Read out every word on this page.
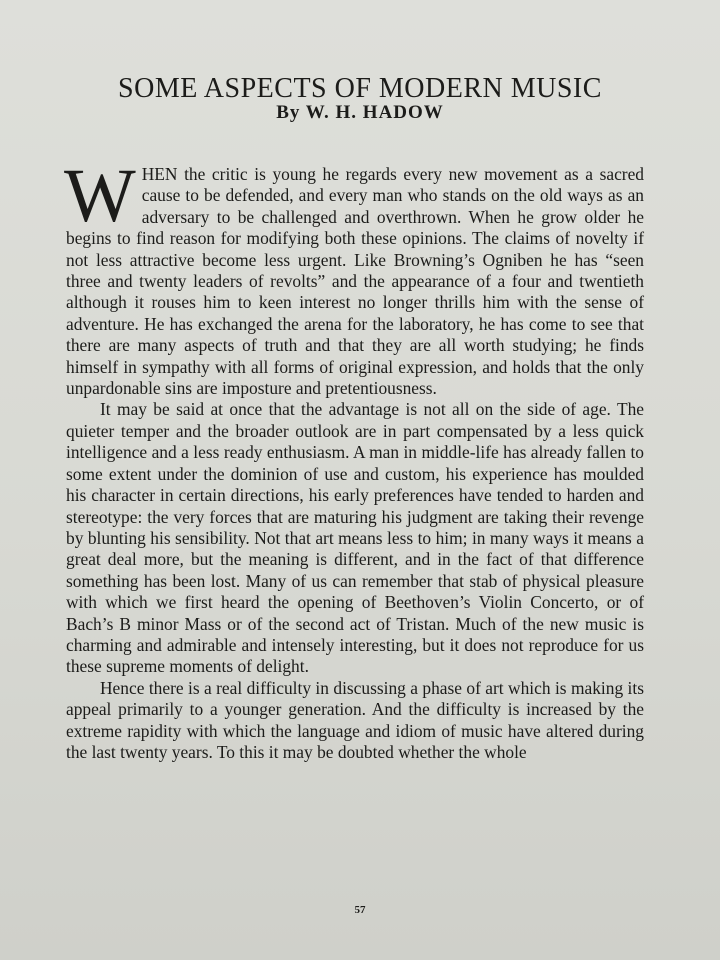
SOME ASPECTS OF MODERN MUSIC
By W. H. HADOW

WHEN the critic is young he regards every new movement as a sacred cause to be defended, and every man who stands on the old ways as an adversary to be challenged and overthrown. When he grow older he begins to find reason for modifying both these opinions. The claims of novelty if not less attractive become less urgent. Like Browning’s Ogniben he has “seen three and twenty leaders of revolts” and the appearance of a four and twentieth although it rouses him to keen interest no longer thrills him with the sense of adventure. He has exchanged the arena for the laboratory, he has come to see that there are many aspects of truth and that they are all worth studying; he finds himself in sympathy with all forms of original expression, and holds that the only unpardonable sins are imposture and pretentiousness.

It may be said at once that the advantage is not all on the side of age. The quieter temper and the broader outlook are in part compensated by a less quick intelligence and a less ready enthusiasm. A man in middle-life has already fallen to some extent under the dominion of use and custom, his experience has moulded his character in certain directions, his early preferences have tended to harden and stereotype: the very forces that are maturing his judgment are taking their revenge by blunting his sensibility. Not that art means less to him; in many ways it means a great deal more, but the meaning is different, and in the fact of that difference something has been lost. Many of us can remember that stab of physical pleasure with which we first heard the opening of Beethoven’s Violin Concerto, or of Bach’s B minor Mass or of the second act of Tristan. Much of the new music is charming and admirable and intensely interesting, but it does not reproduce for us these supreme moments of delight.

Hence there is a real difficulty in discussing a phase of art which is making its appeal primarily to a younger generation. And the difficulty is increased by the extreme rapidity with which the language and idiom of music have altered during the last twenty years. To this it may be doubted whether the whole

57
